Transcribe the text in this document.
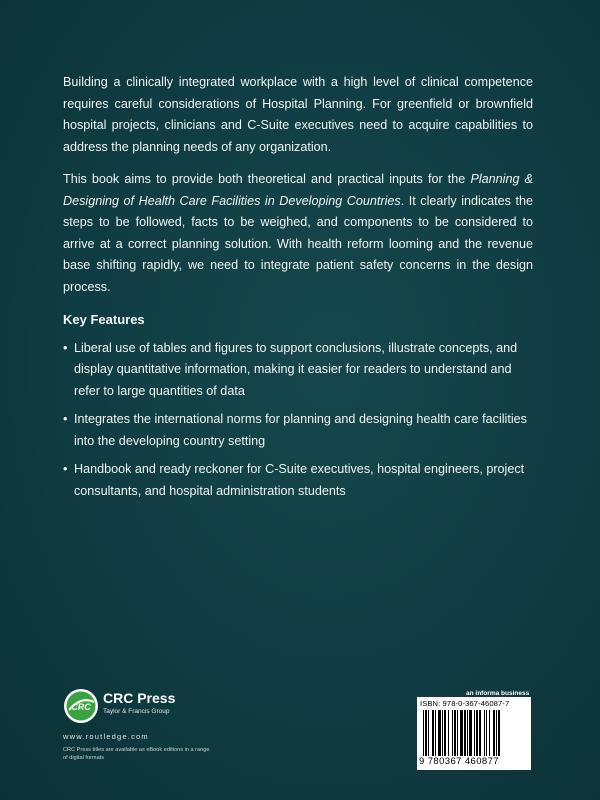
Building a clinically integrated workplace with a high level of clinical competence requires careful considerations of Hospital Planning. For greenfield or brownfield hospital projects, clinicians and C-Suite executives need to acquire capabilities to address the planning needs of any organization.

This book aims to provide both theoretical and practical inputs for the Planning & Designing of Health Care Facilities in Developing Countries. It clearly indicates the steps to be followed, facts to be weighed, and components to be considered to arrive at a correct planning solution. With health reform looming and the revenue base shifting rapidly, we need to integrate patient safety concerns in the design process.

Key Features
• Liberal use of tables and figures to support conclusions, illustrate concepts, and display quantitative information, making it easier for readers to understand and refer to large quantities of data
• Integrates the international norms for planning and designing health care facilities into the developing country setting
• Handbook and ready reckoner for C-Suite executives, hospital engineers, project consultants, and hospital administration students
CRC
CRC Press
Taylor & Francis Group
www.routledge.com
CRC Press titles are available as eBook editions in a range of digital formats
an informa business
ISBN: 978-0-367-46087-7
9 780367 460877
